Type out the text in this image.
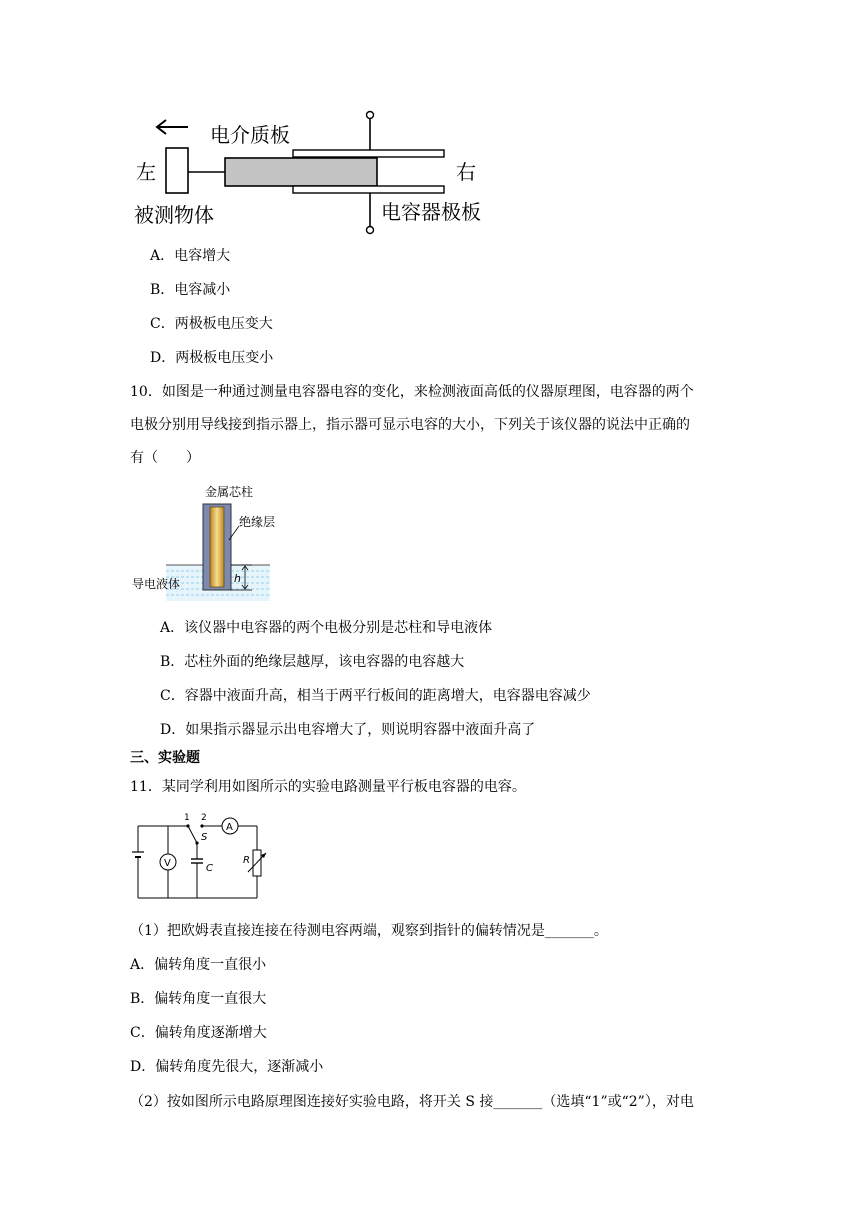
电介质板
左	右
被测物体	电容器极板
A．电容增大
B．电容减小
C．两极板电压变大
D．两极板电压变小
10．如图是一种通过测量电容器电容的变化，来检测液面高低的仪器原理图，电容器的两个
电极分别用导线接到指示器上，指示器可显示电容的大小，下列关于该仪器的说法中正确的
有（　　）
h
金属芯柱
绝缘层
导电液体
A．该仪器中电容器的两个电极分别是芯柱和导电液体
B．芯柱外面的绝缘层越厚，该电容器的电容越大
C．容器中液面升高，相当于两平行板间的距离增大，电容器电容减少
D．如果指示器显示出电容增大了，则说明容器中液面升高了
三、实验题
11．某同学利用如图所示的实验电路测量平行板电容器的电容。
A
V
1 2
S
C
R
（1）把欧姆表直接连接在待测电容两端，观察到指针的偏转情况是_______。
A．偏转角度一直很小
B．偏转角度一直很大
C．偏转角度逐渐增大
D．偏转角度先很大，逐渐减小
（2）按如图所示电路原理图连接好实验电路，将开关 S 接_______（选填“1”或“2”），对电
